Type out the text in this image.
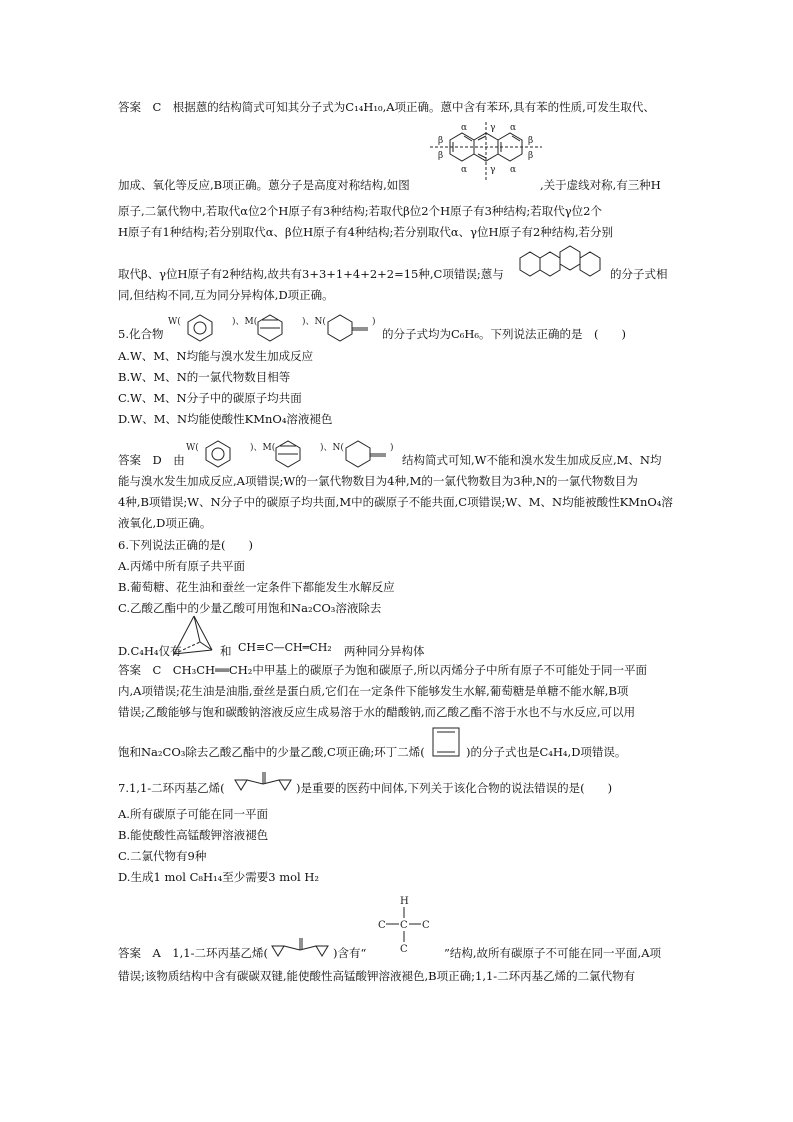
答案　C　根据蒽的结构简式可知其分子式为C₁₄H₁₀,A项正确。蒽中含有苯环,具有苯的性质,可发生取代、
α	γ α
β
β
β
β
α	γ α
加成、氧化等反应,B项正确。蒽分子是高度对称结构,如图	,关于虚线对称,有三种H
原子,二氯代物中,若取代α位2个H原子有3种结构;若取代β位2个H原子有3种结构;若取代γ位2个
H原子有1种结构;若分别取代α、β位H原子有4种结构;若分别取代α、γ位H原子有2种结构,若分别
取代β、γ位H原子有2种结构,故共有3+3+1+4+2+2=15种,C项错误;蒽与	的分子式相
同,但结构不同,互为同分异构体,D项正确。
5.化合物
W(	)、M(	)、N(	)
的分子式均为C₆H₆。下列说法正确的是　(　　)
A.W、M、N均能与溴水发生加成反应
B.W、M、N的一氯代物数目相等
C.W、M、N分子中的碳原子均共面
D.W、M、N均能使酸性KMnO₄溶液褪色
答案　D　由
W(	)、M(	)、N(	)
结构简式可知,W不能和溴水发生加成反应,M、N均
能与溴水发生加成反应,A项错误;W的一氯代物数目为4种,M的一氯代物数目为3种,N的一氯代物数目为
4种,B项错误;W、N分子中的碳原子均共面,M中的碳原子不能共面,C项错误;W、M、N均能被酸性KMnO₄溶
液氧化,D项正确。
6.下列说法正确的是(　　)
A.丙烯中所有原子共平面
B.葡萄糖、花生油和蚕丝一定条件下都能发生水解反应
C.乙酸乙酯中的少量乙酸可用饱和Na₂CO₃溶液除去
D.C₄H₄仅有	和 CH≡C—CH═CH₂ 两种同分异构体
答案　C　CH₃CH══CH₂中甲基上的碳原子为饱和碳原子,所以丙烯分子中所有原子不可能处于同一平面
内,A项错误;花生油是油脂,蚕丝是蛋白质,它们在一定条件下能够发生水解,葡萄糖是单糖不能水解,B项
错误;乙酸能够与饱和碳酸钠溶液反应生成易溶于水的醋酸钠,而乙酸乙酯不溶于水也不与水反应,可以用
饱和Na₂CO₃除去乙酸乙酯中的少量乙酸,C项正确;环丁二烯(	)的分子式也是C₄H₄,D项错误。
7.1,1-二环丙基乙烯(	)是重要的医药中间体,下列关于该化合物的说法错误的是(　　)
A.所有碳原子可能在同一平面
B.能使酸性高锰酸钾溶液褪色
C.二氯代物有9种
D.生成1 mol C₈H₁₄至少需要3 mol H₂
答案　A　1,1-二环丙基乙烯(	)含有“
H
C C C
C	”结构,故所有碳原子不可能在同一平面,A项
错误;该物质结构中含有碳碳双键,能使酸性高锰酸钾溶液褪色,B项正确;1,1-二环丙基乙烯的二氯代物有
